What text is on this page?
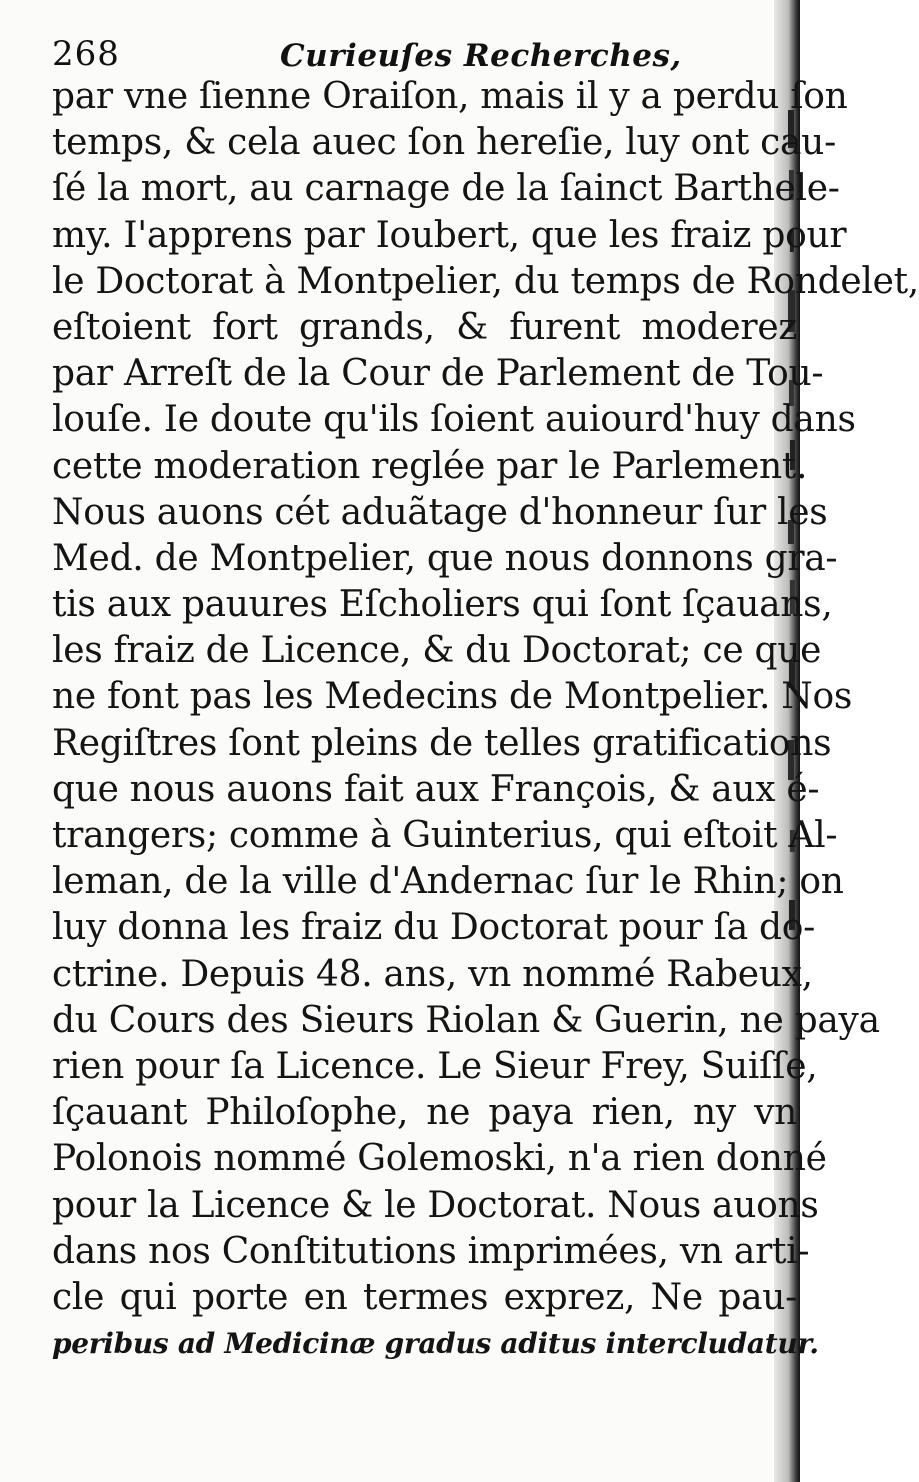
268	Curieuſes Recherches,
par vne ſienne Oraiſon, mais il y a perdu ſon
temps, & cela auec ſon hereſie, luy ont cau-
ſé la mort, au carnage de la ſainct Barthele-
my. I'apprens par Ioubert, que les fraiz pour
le Doctorat à Montpelier, du temps de Rondelet,
eſtoient fort grands, & furent moderez
par Arreſt de la Cour de Parlement de Tou-
louſe. Ie doute qu'ils ſoient auiourd'huy dans
cette moderation reglée par le Parlement.
Nous auons cét aduãtage d'honneur ſur les
Med. de Montpelier, que nous donnons gra-
tis aux pauures Eſcholiers qui ſont ſçauans,
les fraiz de Licence, & du Doctorat; ce que
ne font pas les Medecins de Montpelier. Nos
Regiſtres ſont pleins de telles gratifications
que nous auons fait aux François, & aux é-
trangers; comme à Guinterius, qui eſtoit Al-
leman, de la ville d'Andernac ſur le Rhin; on
luy donna les fraiz du Doctorat pour ſa do-
ctrine. Depuis 48. ans, vn nommé Rabeux,
du Cours des Sieurs Riolan & Guerin, ne paya
rien pour ſa Licence. Le Sieur Frey, Suiſſe,
ſçauant Philoſophe, ne paya rien, ny vn
Polonois nommé Golemoski, n'a rien donné
pour la Licence & le Doctorat. Nous auons
dans nos Conſtitutions imprimées, vn arti-
cle qui porte en termes exprez, Ne pau-
peribus ad Medicinæ gradus aditus intercludatur.
